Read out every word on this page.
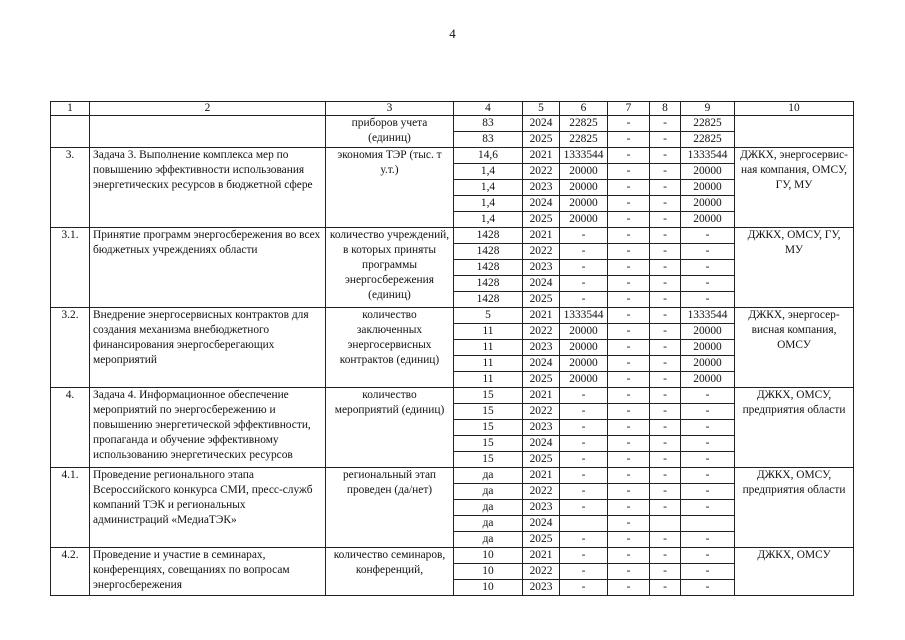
4
1	2	3	4	5	6	7	8	9	10
		приборов учета (единиц)	83	2024	22825	-	-	22825	
			83	2025	22825	-	-	22825	
3.	Задача 3. Выполнение комплекса мер по повышению эффективности использования энергетических ресурсов в бюджетной сфере	экономия ТЭР (тыс. т у.т.)	14,6	2021	1333544	-	-	1333544	ДЖКХ, энергосервисная компания, ОМСУ, ГУ, МУ
			1,4	2022	20000	-	-	20000	
			1,4	2023	20000	-	-	20000	
			1,4	2024	20000	-	-	20000	
			1,4	2025	20000	-	-	20000	
3.1.	Принятие программ энергосбережения во всех бюджетных учреждениях области	количество учреждений, в которых приняты программы энергосбережения (единиц)	1428	2021	-	-	-	-	ДЖКХ, ОМСУ, ГУ, МУ
			1428	2022	-	-	-	-	
			1428	2023	-	-	-	-	
			1428	2024	-	-	-	-	
			1428	2025	-	-	-	-	
3.2.	Внедрение энергосервисных контрактов для создания механизма внебюджетного финансирования энергосберегающих мероприятий	количество заключенных энергосервисных контрактов (единиц)	5	2021	1333544	-	-	1333544	ДЖКХ, энергосервисная компания, ОМСУ
			11	2022	20000	-	-	20000	
			11	2023	20000	-	-	20000	
			11	2024	20000	-	-	20000	
			11	2025	20000	-	-	20000	
4.	Задача 4. Информационное обеспечение мероприятий по энергосбережению и повышению энергетической эффективности, пропаганда и обучение эффективному использованию энергетических ресурсов	количество мероприятий (единиц)	15	2021	-	-	-	-	ДЖКХ, ОМСУ, предприятия области
			15	2022	-	-	-	-	
			15	2023	-	-	-	-	
			15	2024	-	-	-	-	
			15	2025	-	-	-	-	
4.1.	Проведение регионального этапа Всероссийского конкурса СМИ, пресс-служб компаний ТЭК и региональных администраций «МедиаТЭК»	региональный этап проведен (да/нет)	да	2021	-	-	-	-	ДЖКХ, ОМСУ, предприятия области
			да	2022	-	-	-	-	
			да	2023	-	-	-	-	
			да	2024		-			
			да	2025	-	-	-	-	
4.2.	Проведение и участие в семинарах, конференциях, совещаниях по вопросам энергосбережения	количество семинаров, конференций,	10	2021	-	-	-	-	ДЖКХ, ОМСУ
			10	2022	-	-	-	-	
			10	2023	-	-	-	-	
